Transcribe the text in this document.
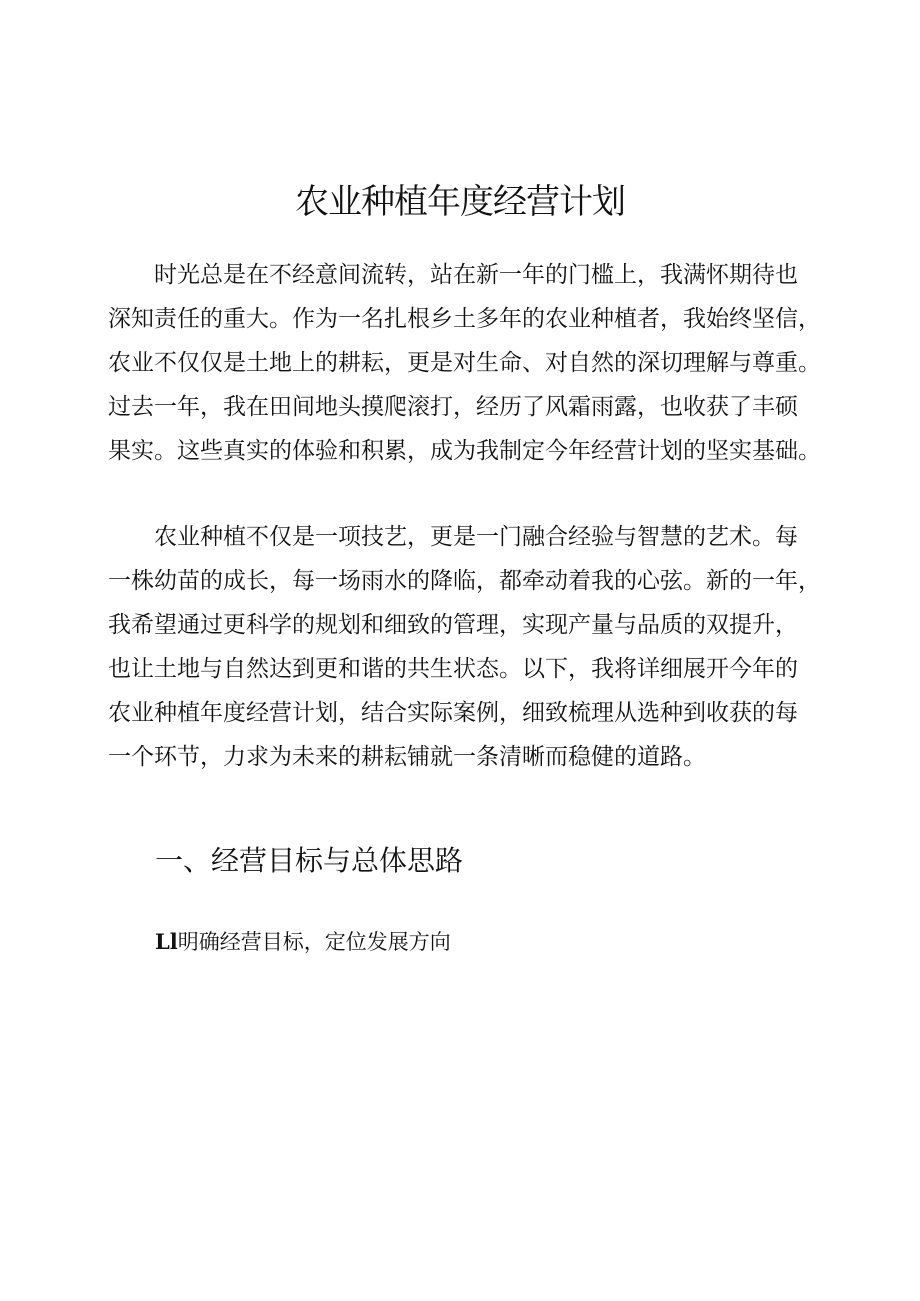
农业种植年度经营计划

　　时光总是在不经意间流转，站在新一年的门槛上，我满怀期待也
深知责任的重大。作为一名扎根乡土多年的农业种植者，我始终坚信，
农业不仅仅是土地上的耕耘，更是对生命、对自然的深切理解与尊重。
过去一年，我在田间地头摸爬滚打，经历了风霜雨露，也收获了丰硕
果实。这些真实的体验和积累，成为我制定今年经营计划的坚实基础。

　　农业种植不仅是一项技艺，更是一门融合经验与智慧的艺术。每
一株幼苗的成长，每一场雨水的降临，都牵动着我的心弦。新的一年，
我希望通过更科学的规划和细致的管理，实现产量与品质的双提升，
也让土地与自然达到更和谐的共生状态。以下，我将详细展开今年的
农业种植年度经营计划，结合实际案例，细致梳理从选种到收获的每
一个环节，力求为未来的耕耘铺就一条清晰而稳健的道路。

一、经营目标与总体思路
Ll明确经营目标，定位发展方向
